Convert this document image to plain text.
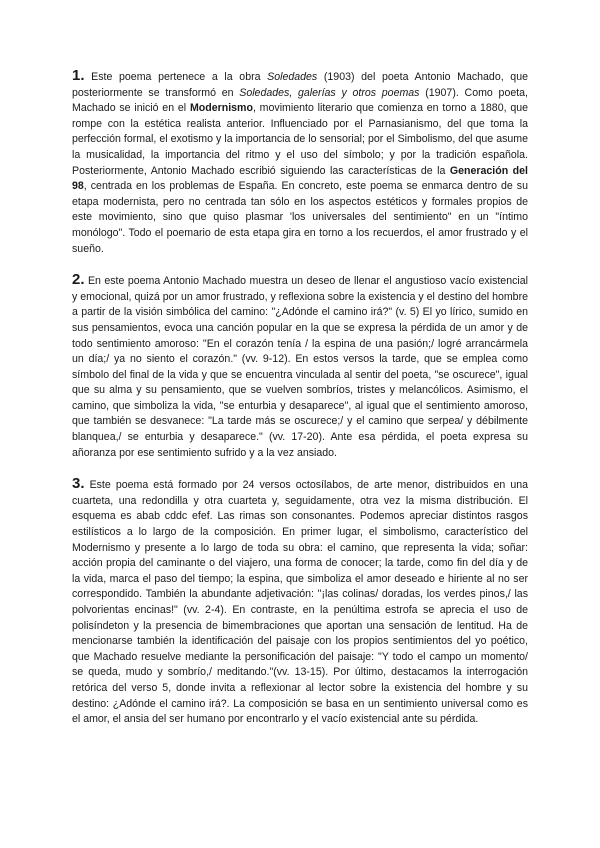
1. Este poema pertenece a la obra Soledades (1903) del poeta Antonio Machado, que posteriormente se transformó en Soledades, galerías y otros poemas (1907). Como poeta, Machado se inició en el Modernismo, movimiento literario que comienza en torno a 1880, que rompe con la estética realista anterior. Influenciado por el Parnasianismo, del que toma la perfección formal, el exotismo y la importancia de lo sensorial; por el Simbolismo, del que asume la musicalidad, la importancia del ritmo y el uso del símbolo; y por la tradición española. Posteriormente, Antonio Machado escribió siguiendo las características de la Generación del 98, centrada en los problemas de España. En concreto, este poema se enmarca dentro de su etapa modernista, pero no centrada tan sólo en los aspectos estéticos y formales propios de este movimiento, sino que quiso plasmar 'los universales del sentimiento" en un "íntimo monólogo". Todo el poemario de esta etapa gira en torno a los recuerdos, el amor frustrado y el sueño.

2. En este poema Antonio Machado muestra un deseo de llenar el angustioso vacío existencial y emocional, quizá por un amor frustrado, y reflexiona sobre la existencia y el destino del hombre a partir de la visión simbólica del camino: "¿Adónde el camino irá?" (v. 5) El yo lírico, sumido en sus pensamientos, evoca una canción popular en la que se expresa la pérdida de un amor y de todo sentimiento amoroso: "En el corazón tenía / la espina de una pasión;/ logré arrancármela un día;/ ya no siento el corazón." (vv. 9-12). En estos versos la tarde, que se emplea como símbolo del final de la vida y que se encuentra vinculada al sentir del poeta, "se oscurece", igual que su alma y su pensamiento, que se vuelven sombríos, tristes y melancólicos. Asimismo, el camino, que simboliza la vida, "se enturbia y desaparece", al igual que el sentimiento amoroso, que también se desvanece: "La tarde más se oscurece;/ y el camino que serpea/ y débilmente blanquea,/ se enturbia y desaparece." (vv. 17-20). Ante esa pérdida, el poeta expresa su añoranza por ese sentimiento sufrido y a la vez ansiado.

3. Este poema está formado por 24 versos octosílabos, de arte menor, distribuidos en una cuarteta, una redondilla y otra cuarteta y, seguidamente, otra vez la misma distribución. El esquema es abab cddc efef. Las rimas son consonantes. Podemos apreciar distintos rasgos estilísticos a lo largo de la composición. En primer lugar, el simbolismo, característico del Modernismo y presente a lo largo de toda su obra: el camino, que representa la vida; soñar: acción propia del caminante o del viajero, una forma de conocer; la tarde, como fin del día y de la vida, marca el paso del tiempo; la espina, que simboliza el amor deseado e hiriente al no ser correspondido. También la abundante adjetivación: "¡las colinas/ doradas, los verdes pinos,/ las polvorientas encinas!" (vv. 2-4). En contraste, en la penúltima estrofa se aprecia el uso de polisíndeton y la presencia de bimembraciones que aportan una sensación de lentitud. Ha de mencionarse también la identificación del paisaje con los propios sentimientos del yo poético, que Machado resuelve mediante la personificación del paisaje: "Y todo el campo un momento/ se queda, mudo y sombrío,/ meditando."(vv. 13-15). Por último, destacamos la interrogación retórica del verso 5, donde invita a reflexionar al lector sobre la existencia del hombre y su destino: ¿Adónde el camino irá?. La composición se basa en un sentimiento universal como es el amor, el ansia del ser humano por encontrarlo y el vacío existencial ante su pérdida.
